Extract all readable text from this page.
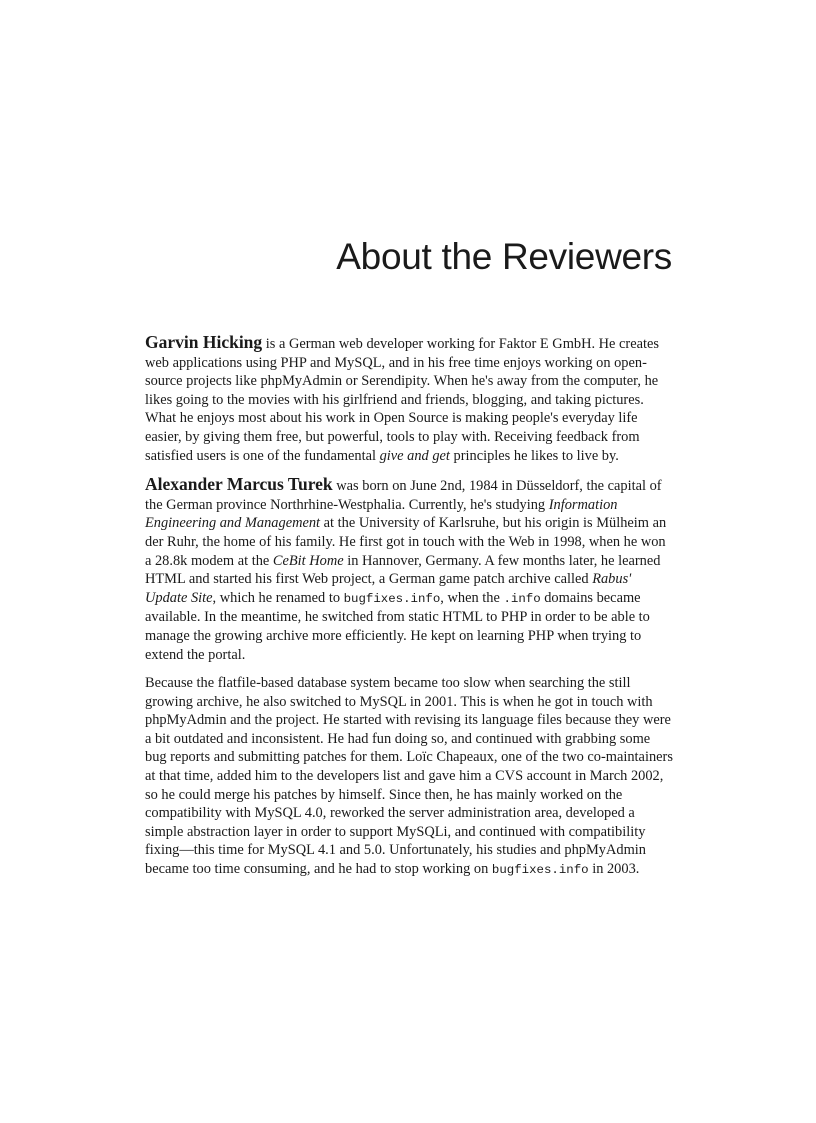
About the Reviewers

Garvin Hicking is a German web developer working for Faktor E GmbH. He creates web applications using PHP and MySQL, and in his free time enjoys working on open-source projects like phpMyAdmin or Serendipity. When he's away from the computer, he likes going to the movies with his girlfriend and friends, blogging, and taking pictures. What he enjoys most about his work in Open Source is making people's everyday life easier, by giving them free, but powerful, tools to play with. Receiving feedback from satisfied users is one of the fundamental give and get principles he likes to live by.

Alexander Marcus Turek was born on June 2nd, 1984 in Düsseldorf, the capital of the German province Northrhine-Westphalia. Currently, he's studying Information Engineering and Management at the University of Karlsruhe, but his origin is Mülheim an der Ruhr, the home of his family. He first got in touch with the Web in 1998, when he won a 28.8k modem at the CeBit Home in Hannover, Germany. A few months later, he learned HTML and started his first Web project, a German game patch archive called Rabus' Update Site, which he renamed to bugfixes.info, when the .info domains became available. In the meantime, he switched from static HTML to PHP in order to be able to manage the growing archive more efficiently. He kept on learning PHP when trying to extend the portal.

Because the flatfile-based database system became too slow when searching the still growing archive, he also switched to MySQL in 2001. This is when he got in touch with phpMyAdmin and the project. He started with revising its language files because they were a bit outdated and inconsistent. He had fun doing so, and continued with grabbing some bug reports and submitting patches for them. Loïc Chapeaux, one of the two co-maintainers at that time, added him to the developers list and gave him a CVS account in March 2002, so he could merge his patches by himself. Since then, he has mainly worked on the compatibility with MySQL 4.0, reworked the server administration area, developed a simple abstraction layer in order to support MySQLi, and continued with compatibility fixing—this time for MySQL 4.1 and 5.0. Unfortunately, his studies and phpMyAdmin became too time consuming, and he had to stop working on bugfixes.info in 2003.
